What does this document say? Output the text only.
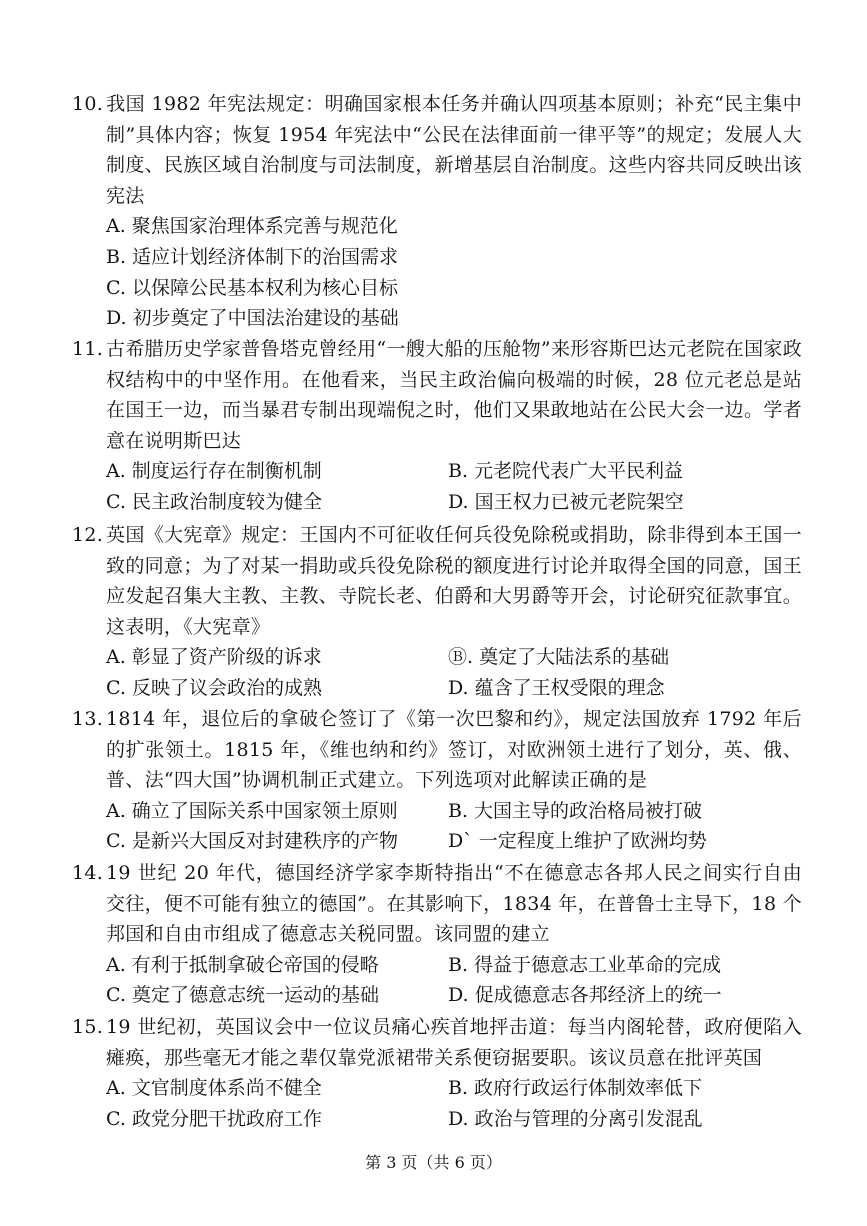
10. 我国 1982 年宪法规定：明确国家根本任务并确认四项基本原则；补充“民主集中制”具体内容；恢复 1954 年宪法中“公民在法律面前一律平等”的规定；发展人大制度、民族区域自治制度与司法制度，新增基层自治制度。这些内容共同反映出该宪法
A. 聚焦国家治理体系完善与规范化
B. 适应计划经济体制下的治国需求
C. 以保障公民基本权利为核心目标
D. 初步奠定了中国法治建设的基础
11. 古希腊历史学家普鲁塔克曾经用“一艘大船的压舱物”来形容斯巴达元老院在国家政权结构中的中坚作用。在他看来，当民主政治偏向极端的时候，28 位元老总是站在国王一边，而当暴君专制出现端倪之时，他们又果敢地站在公民大会一边。学者意在说明斯巴达
A. 制度运行存在制衡机制	B. 元老院代表广大平民利益
C. 民主政治制度较为健全	D. 国王权力已被元老院架空
12. 英国《大宪章》规定：王国内不可征收任何兵役免除税或捐助，除非得到本王国一致的同意；为了对某一捐助或兵役免除税的额度进行讨论并取得全国的同意，国王应发起召集大主教、主教、寺院长老、伯爵和大男爵等开会，讨论研究征款事宜。这表明，《大宪章》
A. 彰显了资产阶级的诉求	Ⓑ. 奠定了大陆法系的基础
C. 反映了议会政治的成熟	D. 蕴含了王权受限的理念
13. 1814 年，退位后的拿破仑签订了《第一次巴黎和约》，规定法国放弃 1792 年后的扩张领土。1815 年，《维也纳和约》签订，对欧洲领土进行了划分，英、俄、普、法“四大国”协调机制正式建立。下列选项对此解读正确的是
A. 确立了国际关系中国家领土原则	B. 大国主导的政治格局被打破
C. 是新兴大国反对封建秩序的产物	D` 一定程度上维护了欧洲均势
14. 19 世纪 20 年代，德国经济学家李斯特指出“不在德意志各邦人民之间实行自由交往，便不可能有独立的德国”。在其影响下，1834 年，在普鲁士主导下，18 个邦国和自由市组成了德意志关税同盟。该同盟的建立
A. 有利于抵制拿破仑帝国的侵略	B. 得益于德意志工业革命的完成
C. 奠定了德意志统一运动的基础	D. 促成德意志各邦经济上的统一
15. 19 世纪初，英国议会中一位议员痛心疾首地抨击道：每当内阁轮替，政府便陷入瘫痪，那些毫无才能之辈仅靠党派裙带关系便窃据要职。该议员意在批评英国
A. 文官制度体系尚不健全	B. 政府行政运行体制效率低下
C. 政党分肥干扰政府工作	D. 政治与管理的分离引发混乱
第 3 页（共 6 页）
